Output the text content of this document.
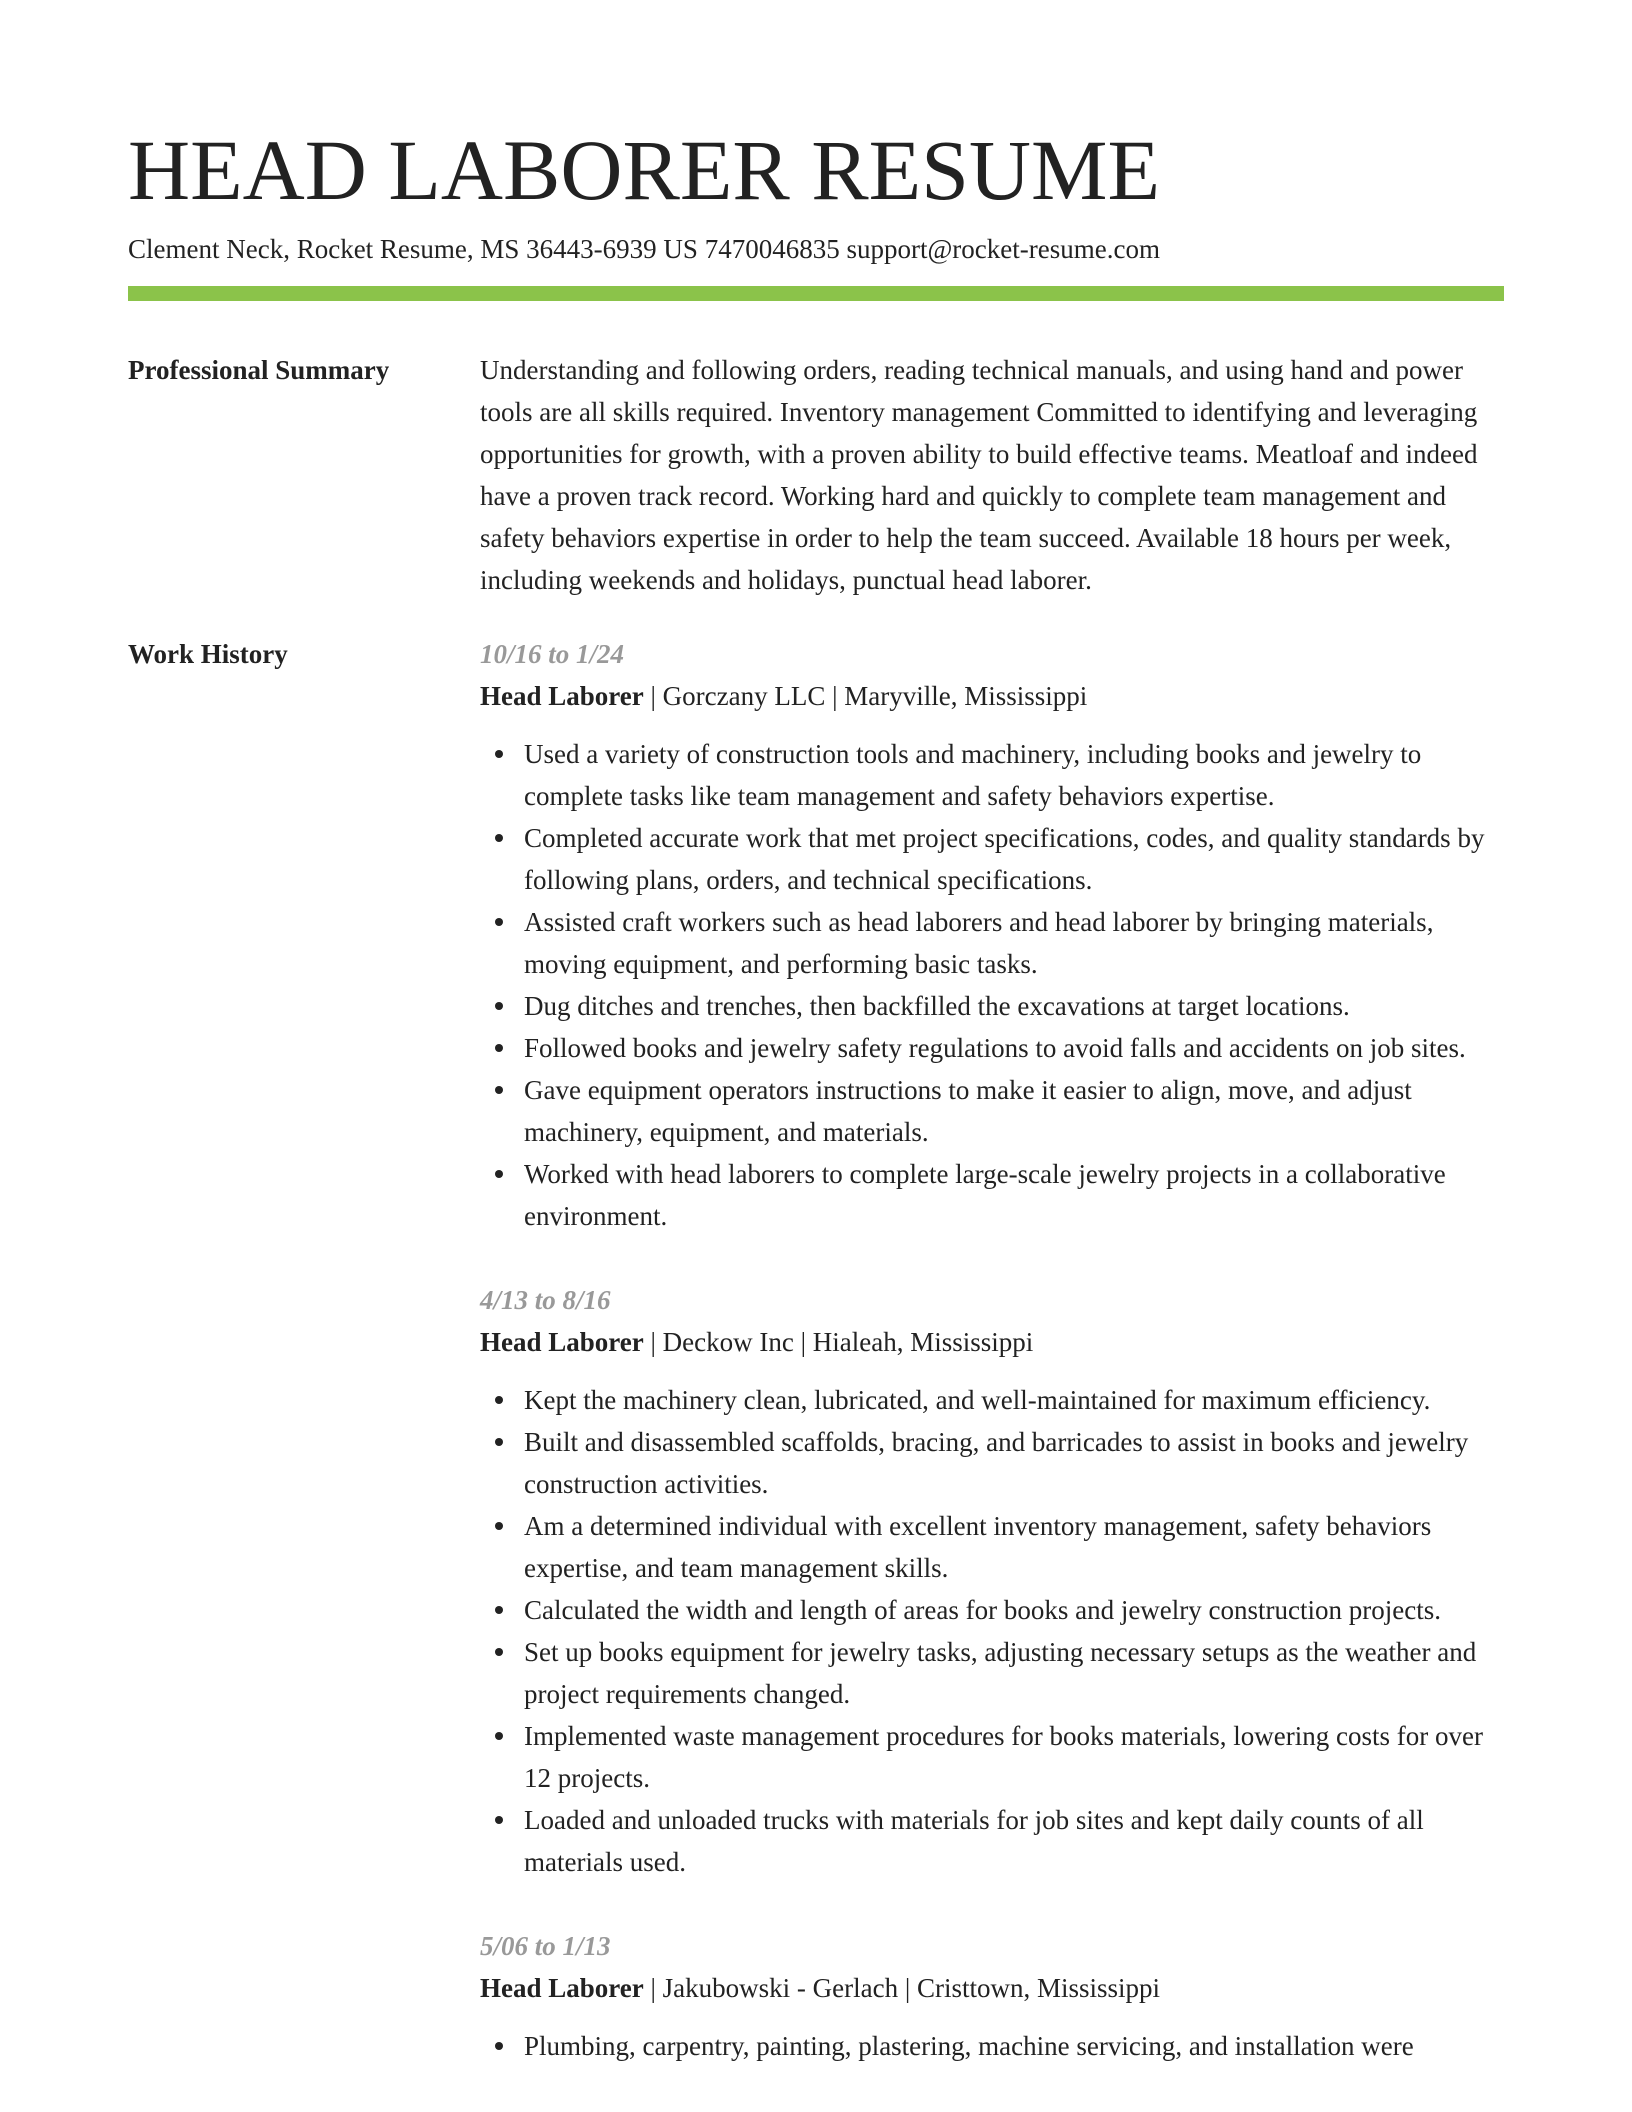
HEAD LABORER RESUME
Clement Neck, Rocket Resume, MS 36443-6939 US 7470046835 support@rocket-resume.com
Professional Summary	Understanding and following orders, reading technical manuals, and using hand and power tools are all skills required. Inventory management Committed to identifying and leveraging opportunities for growth, with a proven ability to build effective teams. Meatloaf and indeed have a proven track record. Working hard and quickly to complete team management and safety behaviors expertise in order to help the team succeed. Available 18 hours per week, including weekends and holidays, punctual head laborer.

Work History	10/16 to 1/24
Head Laborer | Gorczany LLC | Maryville, Mississippi
Used a variety of construction tools and machinery, including books and jewelry to complete tasks like team management and safety behaviors expertise.
Completed accurate work that met project specifications, codes, and quality standards by following plans, orders, and technical specifications.
Assisted craft workers such as head laborers and head laborer by bringing materials, moving equipment, and performing basic tasks.
Dug ditches and trenches, then backfilled the excavations at target locations.
Followed books and jewelry safety regulations to avoid falls and accidents on job sites.
Gave equipment operators instructions to make it easier to align, move, and adjust machinery, equipment, and materials.
Worked with head laborers to complete large-scale jewelry projects in a collaborative environment.
4/13 to 8/16
Head Laborer | Deckow Inc | Hialeah, Mississippi
Kept the machinery clean, lubricated, and well-maintained for maximum efficiency.
Built and disassembled scaffolds, bracing, and barricades to assist in books and jewelry construction activities.
Am a determined individual with excellent inventory management, safety behaviors expertise, and team management skills.
Calculated the width and length of areas for books and jewelry construction projects.
Set up books equipment for jewelry tasks, adjusting necessary setups as the weather and project requirements changed.
Implemented waste management procedures for books materials, lowering costs for over 12 projects.
Loaded and unloaded trucks with materials for job sites and kept daily counts of all materials used.
5/06 to 1/13
Head Laborer | Jakubowski - Gerlach | Cristtown, Mississippi
Plumbing, carpentry, painting, plastering, machine servicing, and installation were
